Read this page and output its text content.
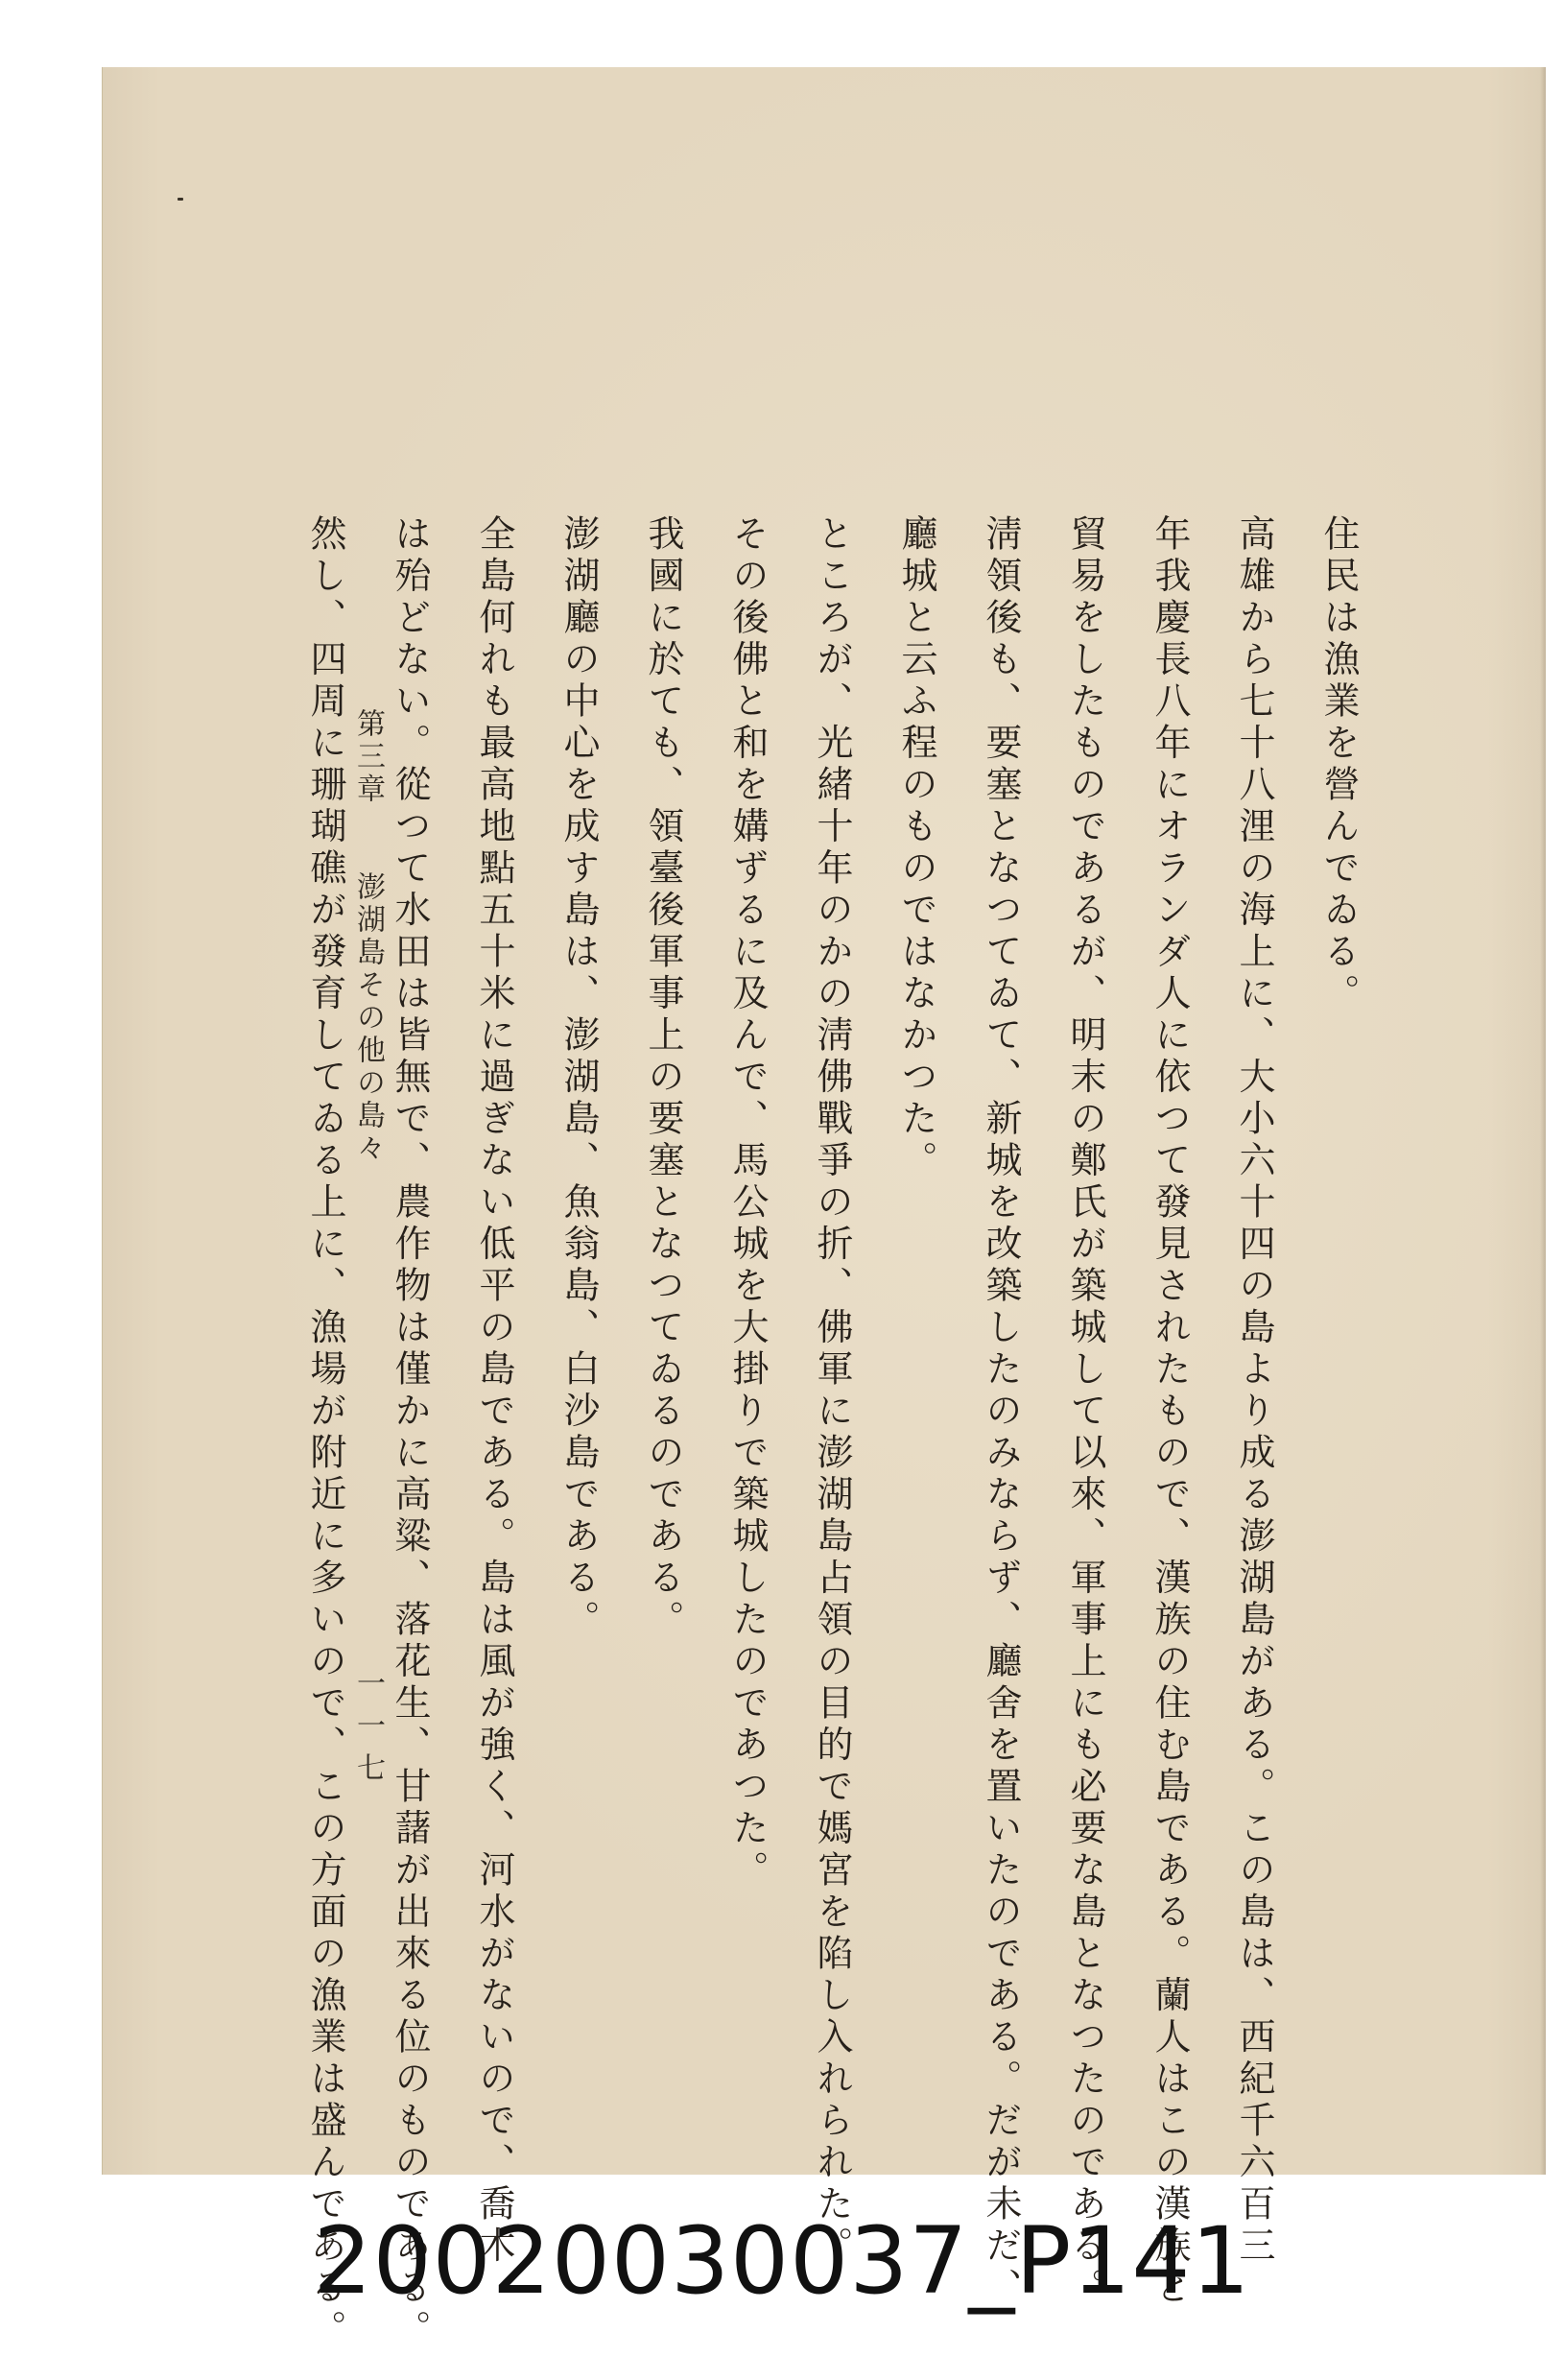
住民は漁業を營んでゐる。
高雄から七十八浬の海上に、大小六十四の島より成る澎湖島がある。この島は、西紀千六百三
年我慶長八年にオランダ人に依つて發見されたもので、漢族の住む島である。蘭人はこの漢族と
貿易をしたものであるが、明末の鄭氏が築城して以來、軍事上にも必要な島となつたのである。
淸領後も、要塞となつてゐて、新城を改築したのみならず、廳舍を置いたのである。だが未だ、
廳城と云ふ程のものではなかつた。
ところが、光緒十年のかの淸佛戰爭の折、佛軍に澎湖島占領の目的で媽宮を陷し入れられた。
その後佛と和を媾ずるに及んで、馬公城を大掛りで築城したのであつた。
我國に於ても、領臺後軍事上の要塞となつてゐるのである。
澎湖廳の中心を成す島は、澎湖島、魚翁島、白沙島である。
全島何れも最高地點五十米に過ぎない低平の島である。島は風が強く、河水がないので、喬木
は殆どない。從つて水田は皆無で、農作物は僅かに高粱、落花生、甘藷が出來る位のものである。
然し、四周に珊瑚礁が發育してゐる上に、漁場が附近に多いので、この方面の漁業は盛んである。 第三章
澎湖島その他の島々
一一七
20020030037_P141
